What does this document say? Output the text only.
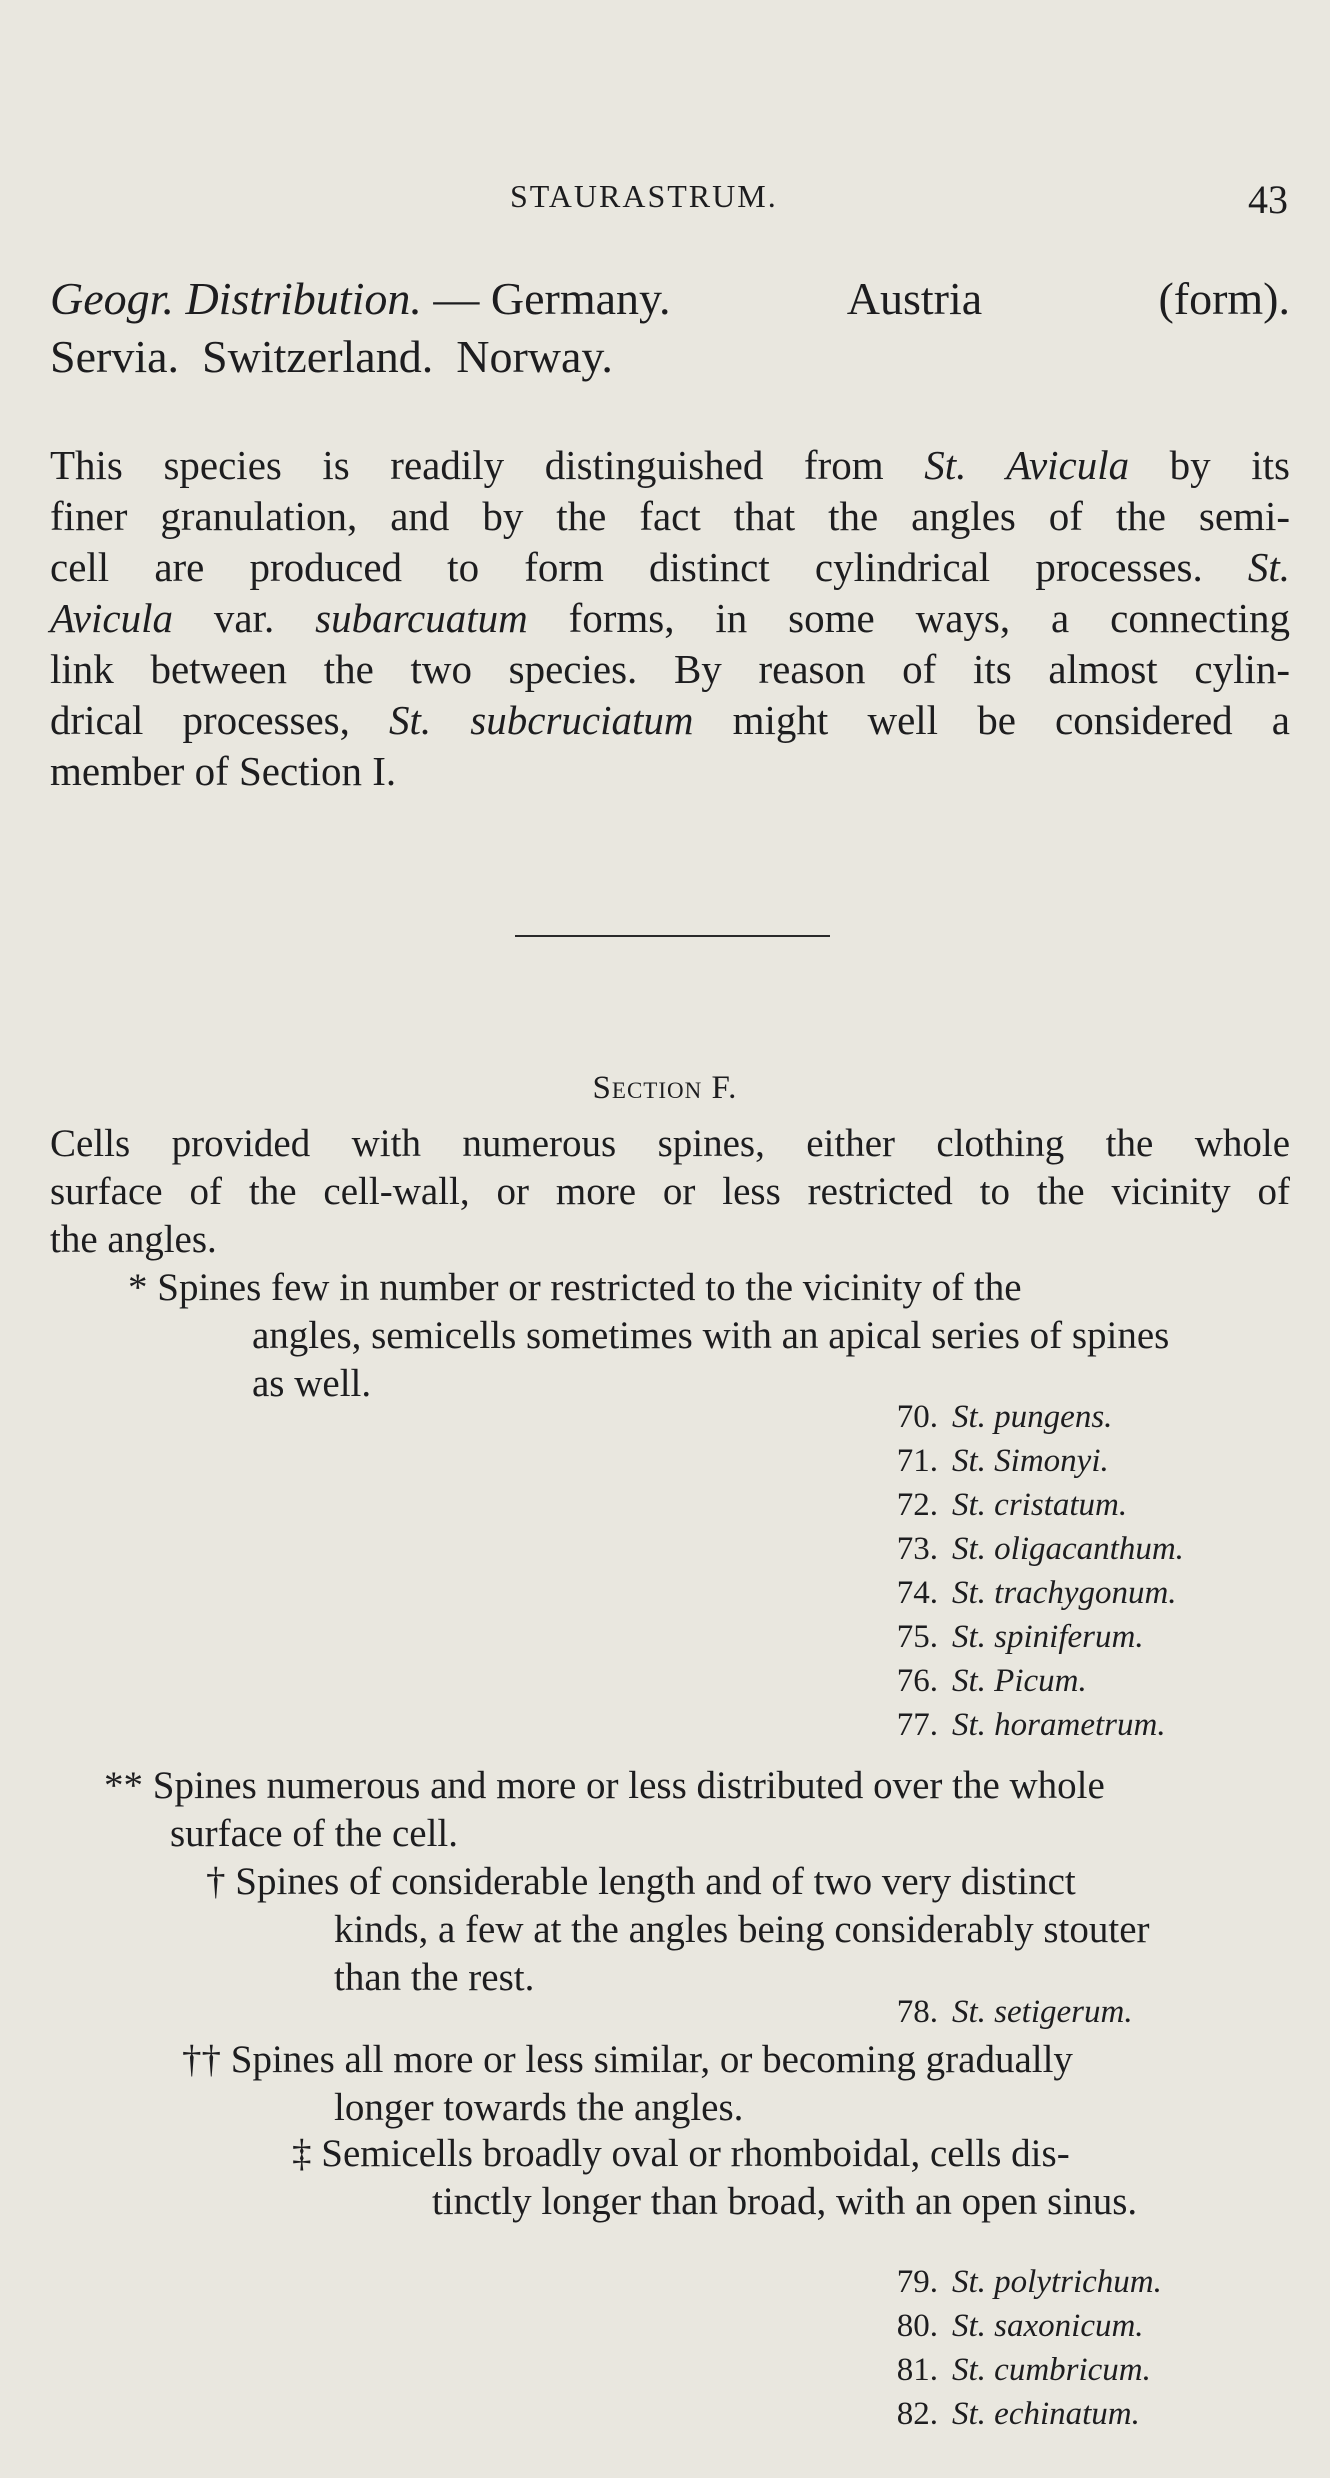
STAURASTRUM.	43
Geogr. Distribution. — Germany.	Austria	(form).
Servia.  Switzerland.  Norway.
This species is readily distinguished from St. Avicula by its
finer granulation, and by the fact that the angles of the semi-
cell are produced to form distinct cylindrical processes. St.
Avicula var. subarcuatum forms, in some ways, a connecting
link between the two species. By reason of its almost cylin-
drical processes, St. subcruciatum might well be considered a
member of Section I.
Section F.
Cells provided with numerous spines, either clothing the whole
surface of the cell-wall, or more or less restricted to the vicinity of
the angles.
* Spines few in number or restricted to the vicinity of the
angles, semicells sometimes with an apical series of spines
as well.
70. St. pungens.
71. St. Simonyi.
72. St. cristatum.
73. St. oligacanthum.
74. St. trachygonum.
75. St. spiniferum.
76. St. Picum.
77. St. horametrum.
** Spines numerous and more or less distributed over the whole
surface of the cell.
† Spines of considerable length and of two very distinct
kinds, a few at the angles being considerably stouter
than the rest.
78. St. setigerum.
†† Spines all more or less similar, or becoming gradually
longer towards the angles.
‡ Semicells broadly oval or rhomboidal, cells dis-
tinctly longer than broad, with an open sinus.
79. St. polytrichum.
80. St. saxonicum.
81. St. cumbricum.
82. St. echinatum.
